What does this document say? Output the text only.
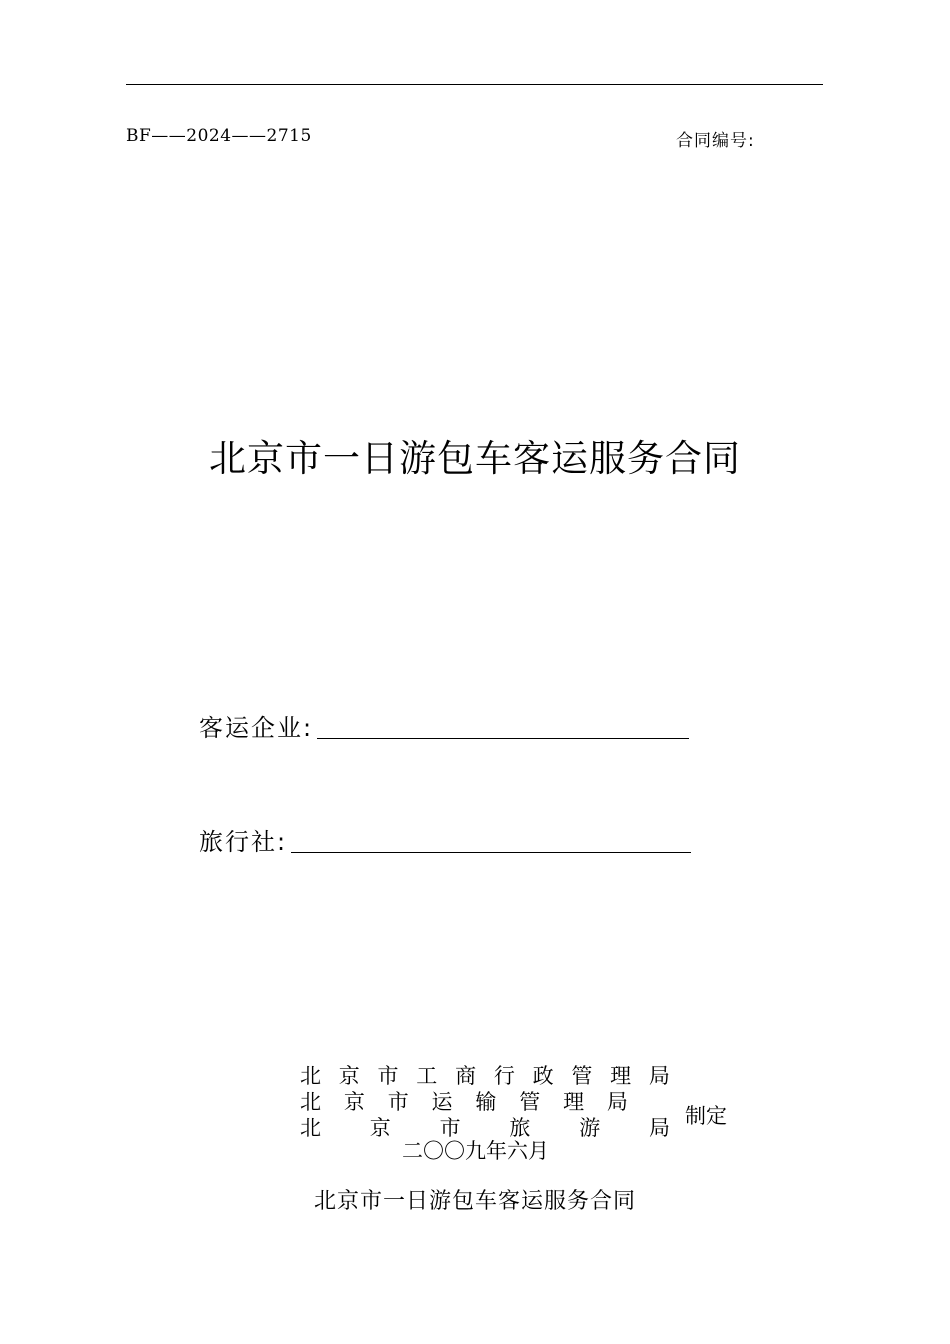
BF——2024——2715	合同编号:
北京市一日游包车客运服务合同
客运企业:
旅行社:
北 京 市 工 商 行 政 管 理 局
北 京 市 运 输 管 理 局
北 京 市 旅 游 局 制定
二〇〇九年六月
北京市一日游包车客运服务合同
